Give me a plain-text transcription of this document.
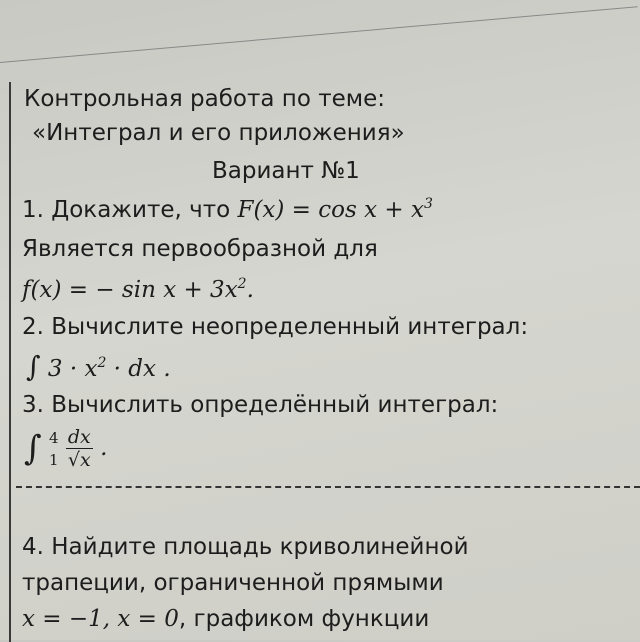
Контрольная работа по теме:
«Интеграл и его приложения»
Вариант №1
1. Докажите, что $F(x) = \cos x + x^3$
Является первообразной для
f(x) = − $\sin x + 3x^2$.
2. Вычислите неопределенный интеграл:
∫ $3 \cdot x^2$ · dx .
3. Вычислить определённый интеграл:
∫ 4
1
$\frac{dx}{√x}$ .
4. Найдите площадь криволинейной
трапеции, ограниченной прямыми
x = −1, x = 0, графиком функции
